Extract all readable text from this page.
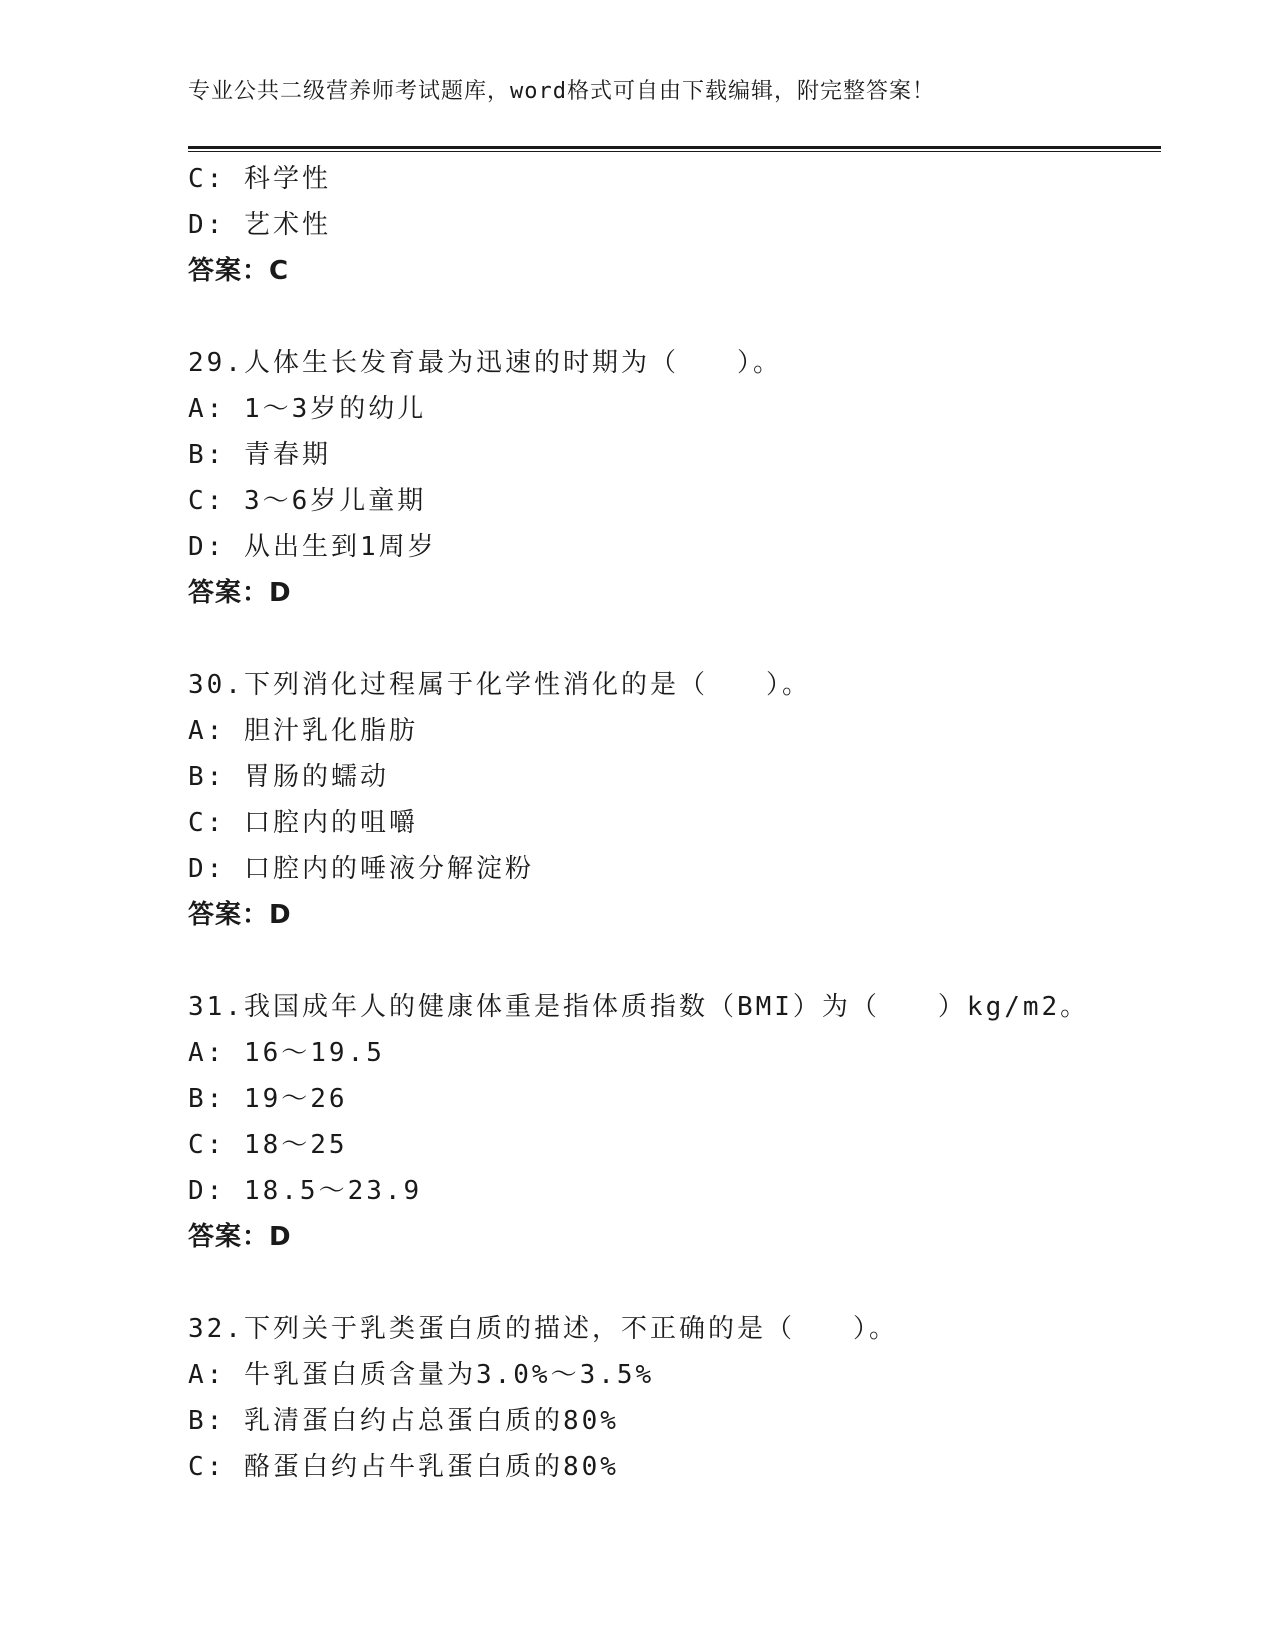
专业公共二级营养师考试题库，word格式可自由下载编辑，附完整答案！
C: 科学性
D: 艺术性
答案：C
29.人体生长发育最为迅速的时期为（　　）。
A: 1～3岁的幼儿
B: 青春期
C: 3～6岁儿童期
D: 从出生到1周岁
答案：D
30.下列消化过程属于化学性消化的是（　　）。
A: 胆汁乳化脂肪
B: 胃肠的蠕动
C: 口腔内的咀嚼
D: 口腔内的唾液分解淀粉
答案：D
31.我国成年人的健康体重是指体质指数（BMI）为（　　）kg/m2。
A: 16～19.5
B: 19～26
C: 18～25
D: 18.5～23.9
答案：D
32.下列关于乳类蛋白质的描述，不正确的是（　　）。
A: 牛乳蛋白质含量为3.0%～3.5%
B: 乳清蛋白约占总蛋白质的80%
C: 酪蛋白约占牛乳蛋白质的80%
